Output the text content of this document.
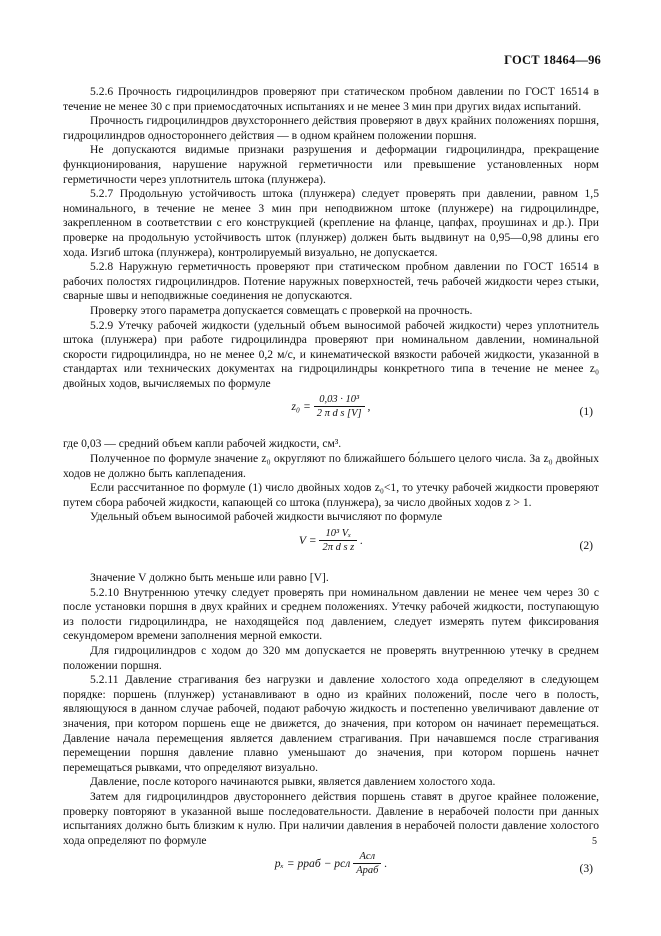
ГОСТ 18464—96

5.2.6 Прочность гидроцилиндров проверяют при статическом пробном давлении по ГОСТ 16514 в течение не менее 30 с при приемосдаточных испытаниях и не менее 3 мин при других видах испытаний.

Прочность гидроцилиндров двухстороннего действия проверяют в двух крайних положениях поршня, гидроцилиндров одностороннего действия — в одном крайнем положении поршня.

Не допускаются видимые признаки разрушения и деформации гидроцилиндра, прекращение функционирования, нарушение наружной герметичности или превышение установленных норм герметичности через уплотнитель штока (плунжера).

5.2.7 Продольную устойчивость штока (плунжера) следует проверять при давлении, равном 1,5 номинального, в течение не менее 3 мин при неподвижном штоке (плунжере) на гидроцилиндре, закрепленном в соответствии с его конструкцией (крепление на фланце, цапфах, проушинах и др.). При проверке на продольную устойчивость шток (плунжер) должен быть выдвинут на 0,95—0,98 длины его хода. Изгиб штока (плунжера), контролируемый визуально, не допускается.

5.2.8 Наружную герметичность проверяют при статическом пробном давлении по ГОСТ 16514 в рабочих полостях гидроцилиндров. Потение наружных поверхностей, течь рабочей жидкости через стыки, сварные швы и неподвижные соединения не допускаются.

Проверку этого параметра допускается совмещать с проверкой на прочность.

5.2.9 Утечку рабочей жидкости (удельный объем выносимой рабочей жидкости) через уплотнитель штока (плунжера) при работе гидроцилиндра проверяют при номинальном давлении, номинальной скорости гидроцилиндра, но не менее 0,2 м/с, и кинематической вязкости рабочей жидкости, указанной в стандартах или технических документах на гидроцилиндры конкретного типа в течение не менее z₀ двойных ходов, вычисляемых по формуле

$z_0 = \frac{\text{0,03 · 10³}}{\text{2 π d s [V]}}$ ,	(1)

где 0,03 — средний объем капли рабочей жидкости, см³.

Полученное по формуле значение z₀ округляют по ближайшего бо́льшего целого числа. За z₀ двойных ходов не должно быть каплепадения.

Если рассчитанное по формуле (1) число двойных ходов z₀<1, то утечку рабочей жидкости проверяют путем сбора рабочей жидкости, капающей со штока (плунжера), за число двойных ходов z > 1.

Удельный объем выносимой рабочей жидкости вычисляют по формуле

$V = \frac{\text{10³ Vₓ}}{\text{2π d s z}}$ .	(2)

Значение V должно быть меньше или равно [V].

5.2.10 Внутреннюю утечку следует проверять при номинальном давлении не менее чем через 30 с после установки поршня в двух крайних и среднем положениях. Утечку рабочей жидкости, поступающую из полости гидроцилиндра, не находящейся под давлением, следует измерять путем фиксирования секундомером времени заполнения мерной емкости.

Для гидроцилиндров с ходом до 320 мм допускается не проверять внутреннюю утечку в среднем положении поршня.

5.2.11 Давление страгивания без нагрузки и давление холостого хода определяют в следующем порядке: поршень (плунжер) устанавливают в одно из крайних положений, после чего в полость, являющуюся в данном случае рабочей, подают рабочую жидкость и постепенно увеличивают давление от значения, при котором поршень еще не движется, до значения, при котором он начинает перемещаться. Давление начала перемещения является давлением страгивания. При начавшемся после страгивания перемещении поршня давление плавно уменьшают до значения, при котором поршень начнет перемещаться рывками, что определяют визуально.

Давление, после которого начинаются рывки, является давлением холостого хода.

Затем для гидроцилиндров двустороннего действия поршень ставят в другое крайнее положение, проверку повторяют в указанной выше последовательности. Давление в нерабочей полости при данных испытаниях должно быть близким к нулю. При наличии давления в нерабочей полости давление холостого хода определяют по формуле

pₓ = pраб − pсл $\frac{\text{Aсл}}{\text{Aраб}}$ .	(3)
5
